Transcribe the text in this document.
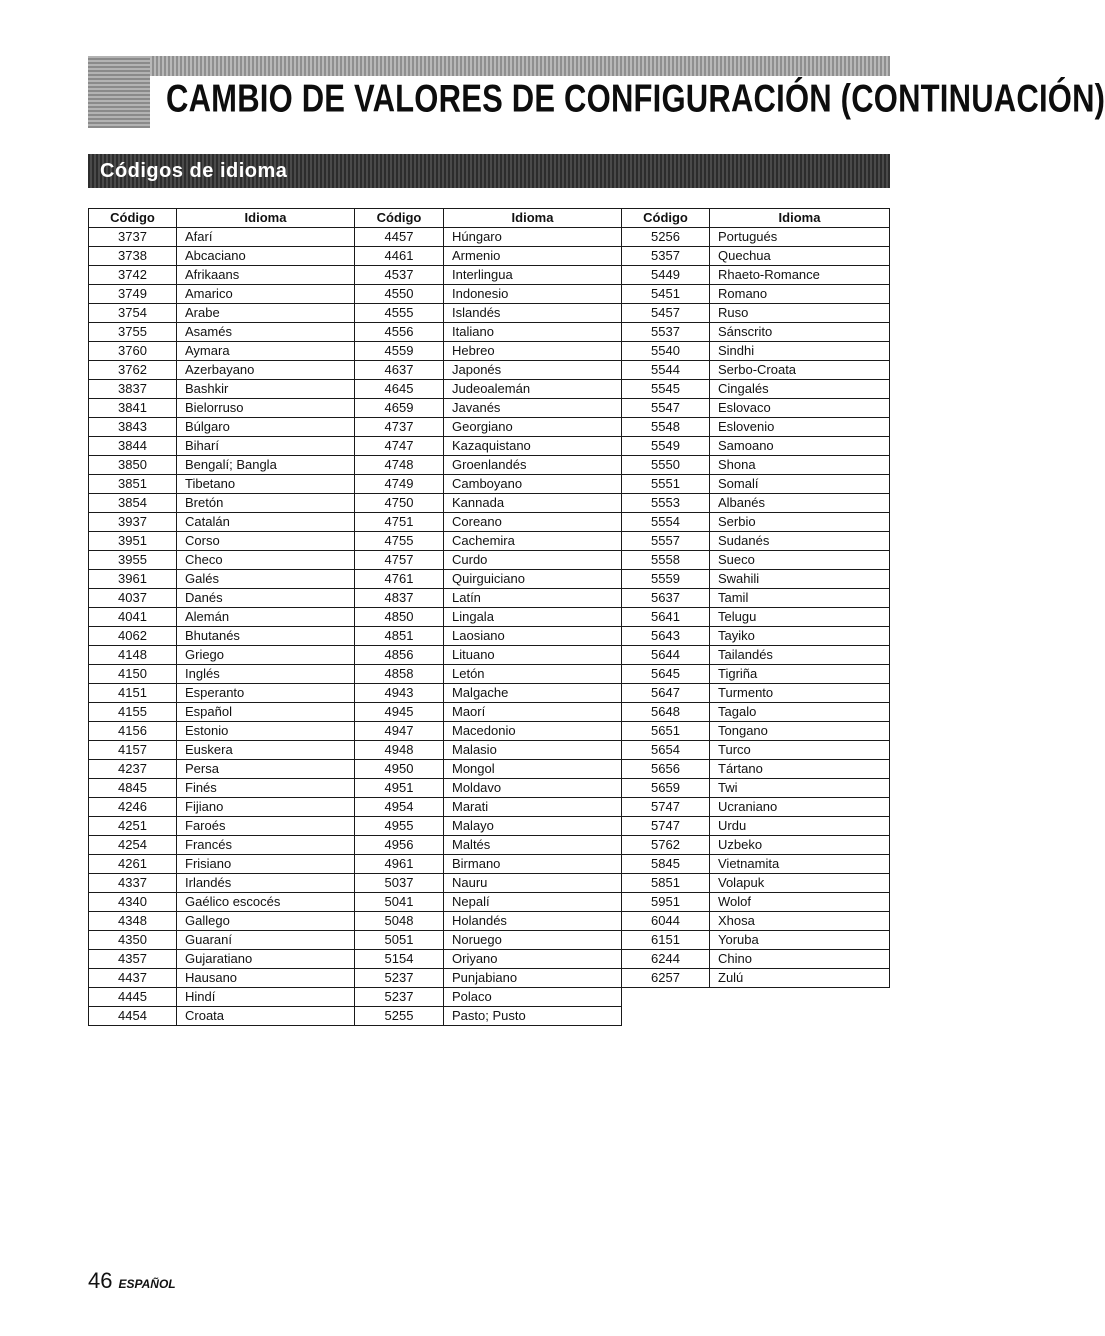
CAMBIO DE VALORES DE CONFIGURACIÓN (CONTINUACIÓN)
Códigos de idioma
Código	Idioma	Código	Idioma	Código	Idioma
3737	Afarí	4457	Húngaro	5256	Portugués
3738	Abcaciano	4461	Armenio	5357	Quechua
3742	Afrikaans	4537	Interlingua	5449	Rhaeto-Romance
3749	Amarico	4550	Indonesio	5451	Romano
3754	Arabe	4555	Islandés	5457	Ruso
3755	Asamés	4556	Italiano	5537	Sánscrito
3760	Aymara	4559	Hebreo	5540	Sindhi
3762	Azerbayano	4637	Japonés	5544	Serbo-Croata
3837	Bashkir	4645	Judeoalemán	5545	Cingalés
3841	Bielorruso	4659	Javanés	5547	Eslovaco
3843	Búlgaro	4737	Georgiano	5548	Eslovenio
3844	Biharí	4747	Kazaquistano	5549	Samoano
3850	Bengalí; Bangla	4748	Groenlandés	5550	Shona
3851	Tibetano	4749	Camboyano	5551	Somalí
3854	Bretón	4750	Kannada	5553	Albanés
3937	Catalán	4751	Coreano	5554	Serbio
3951	Corso	4755	Cachemira	5557	Sudanés
3955	Checo	4757	Curdo	5558	Sueco
3961	Galés	4761	Quirguiciano	5559	Swahili
4037	Danés	4837	Latín	5637	Tamil
4041	Alemán	4850	Lingala	5641	Telugu
4062	Bhutanés	4851	Laosiano	5643	Tayiko
4148	Griego	4856	Lituano	5644	Tailandés
4150	Inglés	4858	Letón	5645	Tigriña
4151	Esperanto	4943	Malgache	5647	Turmento
4155	Español	4945	Maorí	5648	Tagalo
4156	Estonio	4947	Macedonio	5651	Tongano
4157	Euskera	4948	Malasio	5654	Turco
4237	Persa	4950	Mongol	5656	Tártano
4845	Finés	4951	Moldavo	5659	Twi
4246	Fijiano	4954	Marati	5747	Ucraniano
4251	Faroés	4955	Malayo	5747	Urdu
4254	Francés	4956	Maltés	5762	Uzbeko
4261	Frisiano	4961	Birmano	5845	Vietnamita
4337	Irlandés	5037	Nauru	5851	Volapuk
4340	Gaélico escocés	5041	Nepalí	5951	Wolof
4348	Gallego	5048	Holandés	6044	Xhosa
4350	Guaraní	5051	Noruego	6151	Yoruba
4357	Gujaratiano	5154	Oriyano	6244	Chino
4437	Hausano	5237	Punjabiano	6257	Zulú
4445	Hindí	5237	Polaco		
4454	Croata	5255	Pasto; Pusto		
46 ESPAÑOL
